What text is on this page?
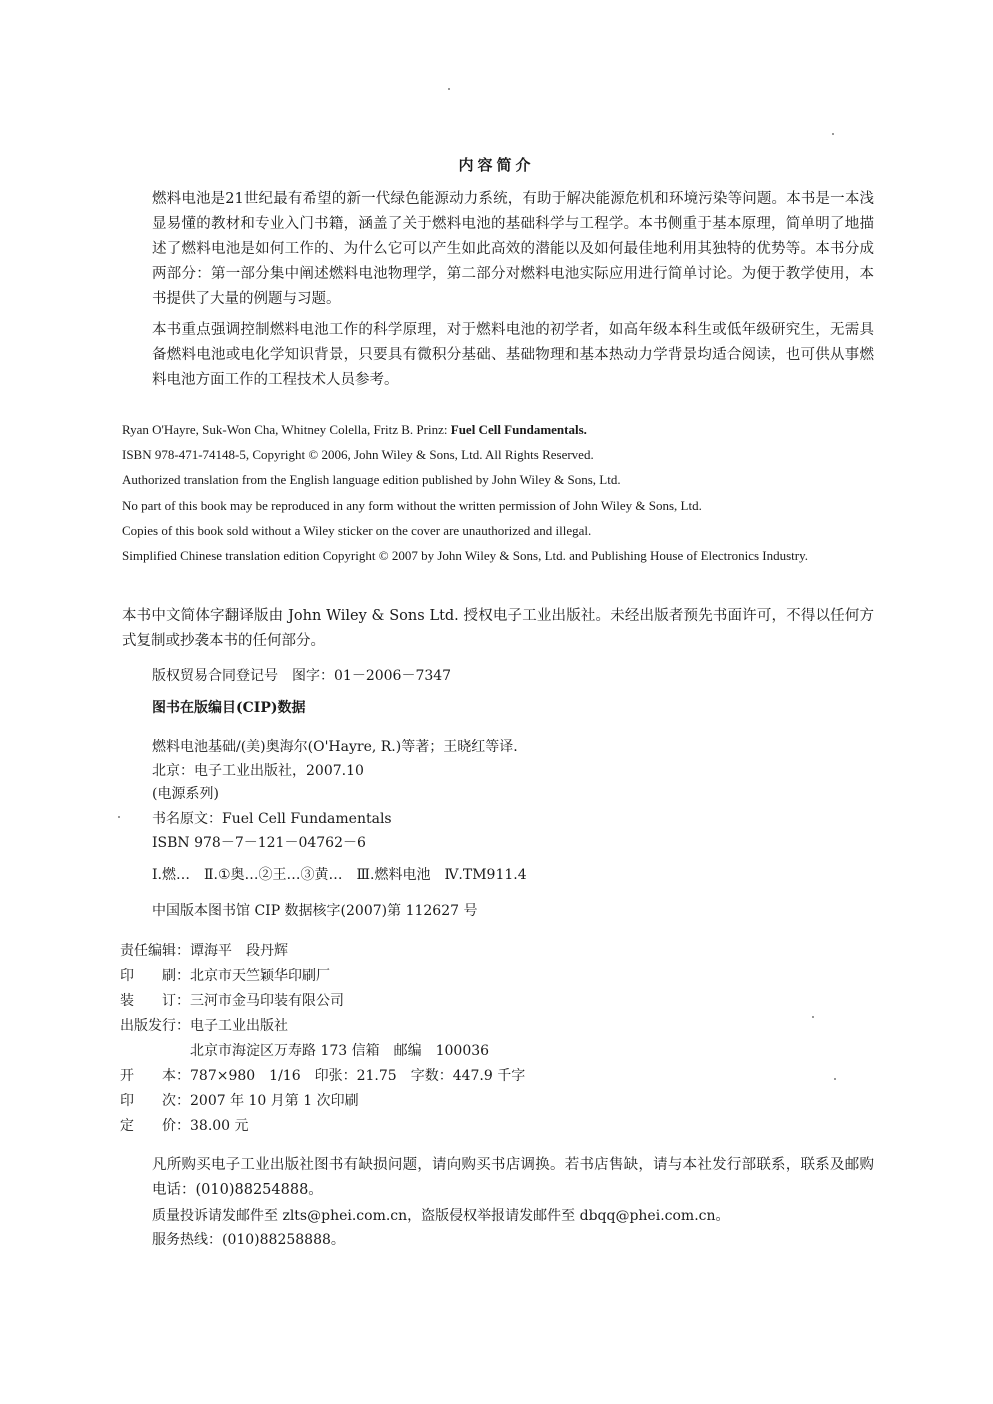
内容简介
燃料电池是21世纪最有希望的新一代绿色能源动力系统，有助于解决能源危机和环境污染等问题。本书是一本浅显易懂的教材和专业入门书籍，涵盖了关于燃料电池的基础科学与工程学。本书侧重于基本原理，简单明了地描述了燃料电池是如何工作的、为什么它可以产生如此高效的潜能以及如何最佳地利用其独特的优势等。本书分成两部分：第一部分集中阐述燃料电池物理学，第二部分对燃料电池实际应用进行简单讨论。为便于教学使用，本书提供了大量的例题与习题。
本书重点强调控制燃料电池工作的科学原理，对于燃料电池的初学者，如高年级本科生或低年级研究生，无需具备燃料电池或电化学知识背景，只要具有微积分基础、基础物理和基本热动力学背景均适合阅读，也可供从事燃料电池方面工作的工程技术人员参考。
Ryan O'Hayre, Suk-Won Cha, Whitney Colella, Fritz B. Prinz: Fuel Cell Fundamentals.
ISBN 978-471-74148-5, Copyright © 2006, John Wiley & Sons, Ltd. All Rights Reserved.
Authorized translation from the English language edition published by John Wiley & Sons, Ltd.
No part of this book may be reproduced in any form without the written permission of John Wiley & Sons, Ltd.
Copies of this book sold without a Wiley sticker on the cover are unauthorized and illegal.
Simplified Chinese translation edition Copyright © 2007 by John Wiley & Sons, Ltd. and Publishing House of Electronics Industry.
本书中文简体字翻译版由 John Wiley & Sons Ltd. 授权电子工业出版社。未经出版者预先书面许可，不得以任何方式复制或抄袭本书的任何部分。
版权贸易合同登记号　图字：01－2006－7347
图书在版编目(CIP)数据
燃料电池基础/(美)奥海尔(O'Hayre, R.)等著；王晓红等译.
北京：电子工业出版社，2007.10
(电源系列)
书名原文：Fuel Cell Fundamentals
ISBN 978－7－121－04762－6
Ⅰ.燃…　Ⅱ.①奥…②王…③黄…　Ⅲ.燃料电池　Ⅳ.TM911.4
中国版本图书馆 CIP 数据核字(2007)第 112627 号
责任编辑：谭海平　段丹辉
印　　刷：北京市天竺颖华印刷厂
装　　订：三河市金马印装有限公司
出版发行：电子工业出版社
北京市海淀区万寿路 173 信箱　邮编　100036
开　　本：787×980　1/16　印张：21.75　字数：447.9 千字
印　　次：2007 年 10 月第 1 次印刷
定　　价：38.00 元
凡所购买电子工业出版社图书有缺损问题，请向购买书店调换。若书店售缺，请与本社发行部联系，联系及邮购电话：(010)88254888。
质量投诉请发邮件至 zlts@phei.com.cn，盗版侵权举报请发邮件至 dbqq@phei.com.cn。
服务热线：(010)88258888。
